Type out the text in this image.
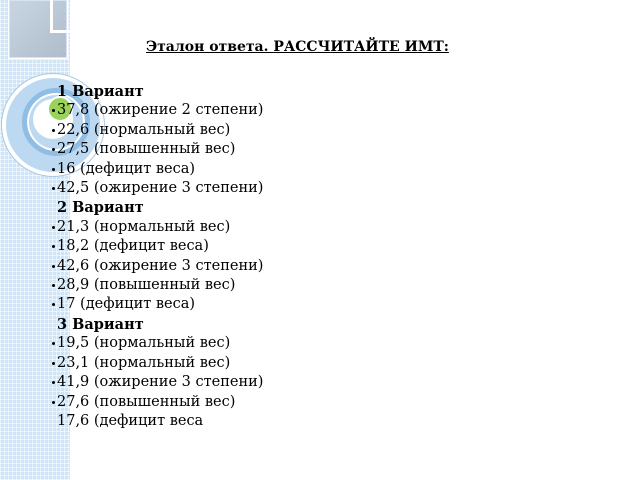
Эталон ответа. РАССЧИТАЙТЕ ИМТ:
1 Вариант
37,8 (ожирение 2 степени)
22,6 (нормальный вес)
27,5 (повышенный вес)
16 (дефицит веса)
42,5 (ожирение 3 степени)
2 Вариант
21,3 (нормальный вес)
18,2 (дефицит веса)
42,6 (ожирение 3 степени)
28,9 (повышенный вес)
17 (дефицит веса)
3 Вариант
19,5 (нормальный вес)
23,1 (нормальный вес)
41,9 (ожирение 3 степени)
27,6 (повышенный вес)
17,6 (дефицит веса
